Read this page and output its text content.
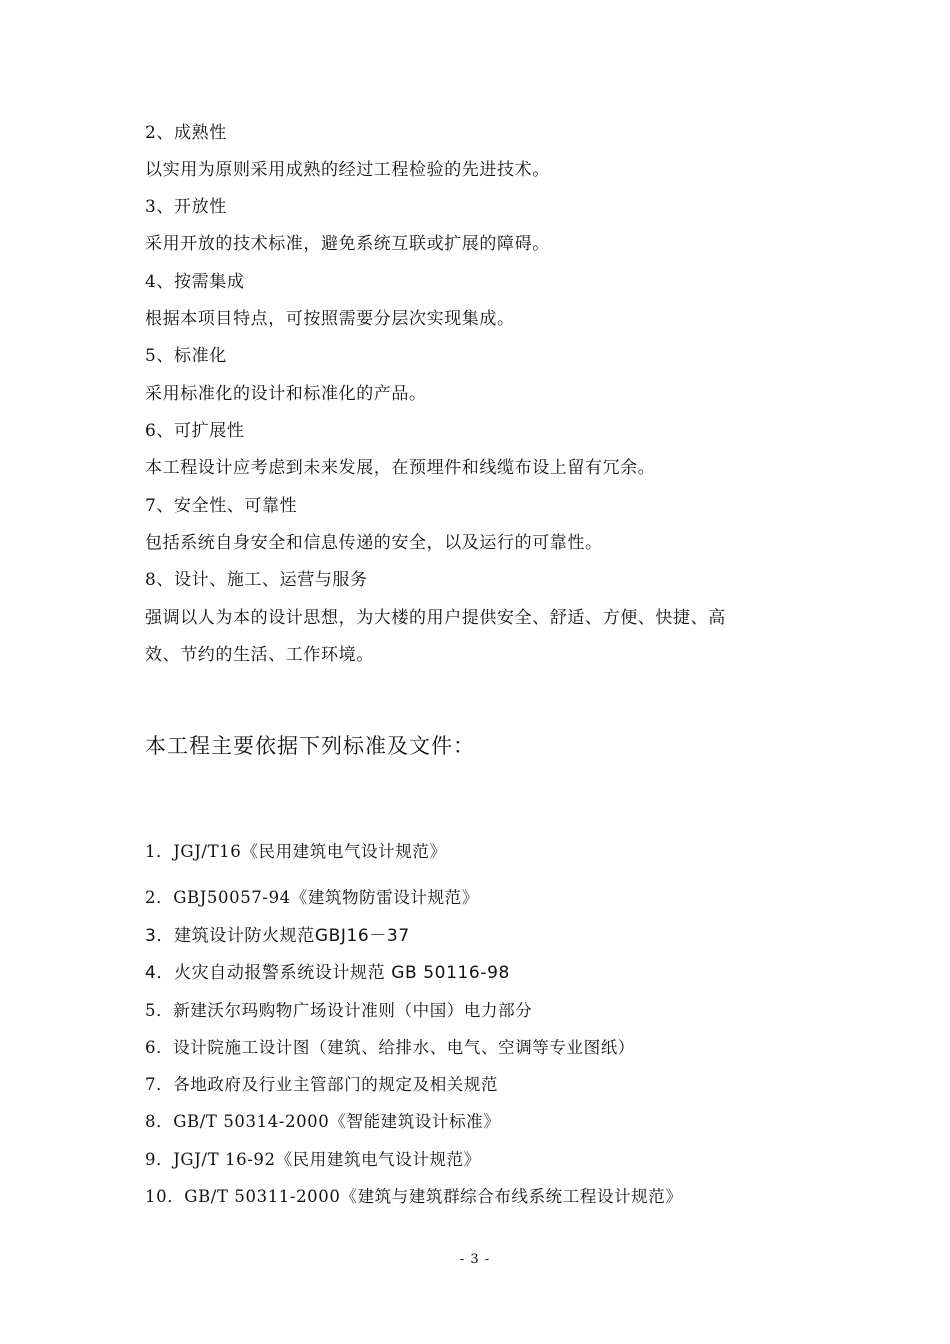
2、成熟性
以实用为原则采用成熟的经过工程检验的先进技术。
3、开放性
采用开放的技术标准，避免系统互联或扩展的障碍。
4、按需集成
根据本项目特点，可按照需要分层次实现集成。
5、标准化
采用标准化的设计和标准化的产品。
6、可扩展性
本工程设计应考虑到未来发展，在预埋件和线缆布设上留有冗余。
7、安全性、可靠性
包括系统自身安全和信息传递的安全，以及运行的可靠性。
8、设计、施工、运营与服务
强调以人为本的设计思想，为大楼的用户提供安全、舒适、方便、快捷、高
效、节约的生活、工作环境。
本工程主要依据下列标准及文件：
1．JGJ/T16《民用建筑电气设计规范》
2．GBJ50057-94《建筑物防雷设计规范》
3．建筑设计防火规范GBJ16－37
4．火灾自动报警系统设计规范 GB 50116-98
5．新建沃尔玛购物广场设计准则（中国）电力部分
6．设计院施工设计图（建筑、给排水、电气、空调等专业图纸）
7．各地政府及行业主管部门的规定及相关规范
8．GB/T 50314-2000《智能建筑设计标准》
9．JGJ/T 16-92《民用建筑电气设计规范》
10．GB/T 50311-2000《建筑与建筑群综合布线系统工程设计规范》
- 3 -
